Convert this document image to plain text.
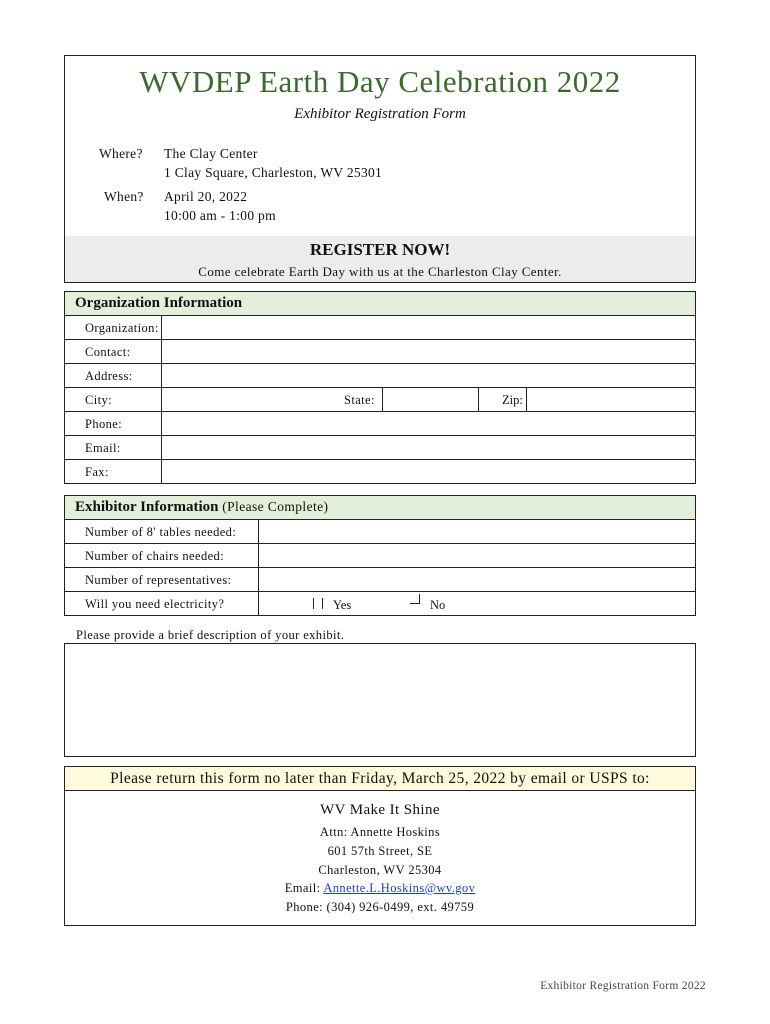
WVDEP Earth Day Celebration 2022
Exhibitor Registration Form
Where? The Clay Center
1 Clay Square, Charleston, WV 25301
When? April 20, 2022
10:00 am - 1:00 pm
REGISTER NOW!
Come celebrate Earth Day with us at the Charleston Clay Center.
Organization Information
Organization:
Contact:
Address:
City:	State:	Zip:
Phone:
Email:
Fax:
Exhibitor Information (Please Complete)
Number of 8' tables needed:
Number of chairs needed:
Number of representatives:
Will you need electricity?	Yes	No
Please provide a brief description of your exhibit.
Please return this form no later than Friday, March 25, 2022 by email or USPS to:
WV Make It Shine
Attn: Annette Hoskins
601 57th Street, SE
Charleston, WV 25304
Email: Annette.L.Hoskins@wv.gov
Phone: (304) 926-0499, ext. 49759
Exhibitor Registration Form 2022
